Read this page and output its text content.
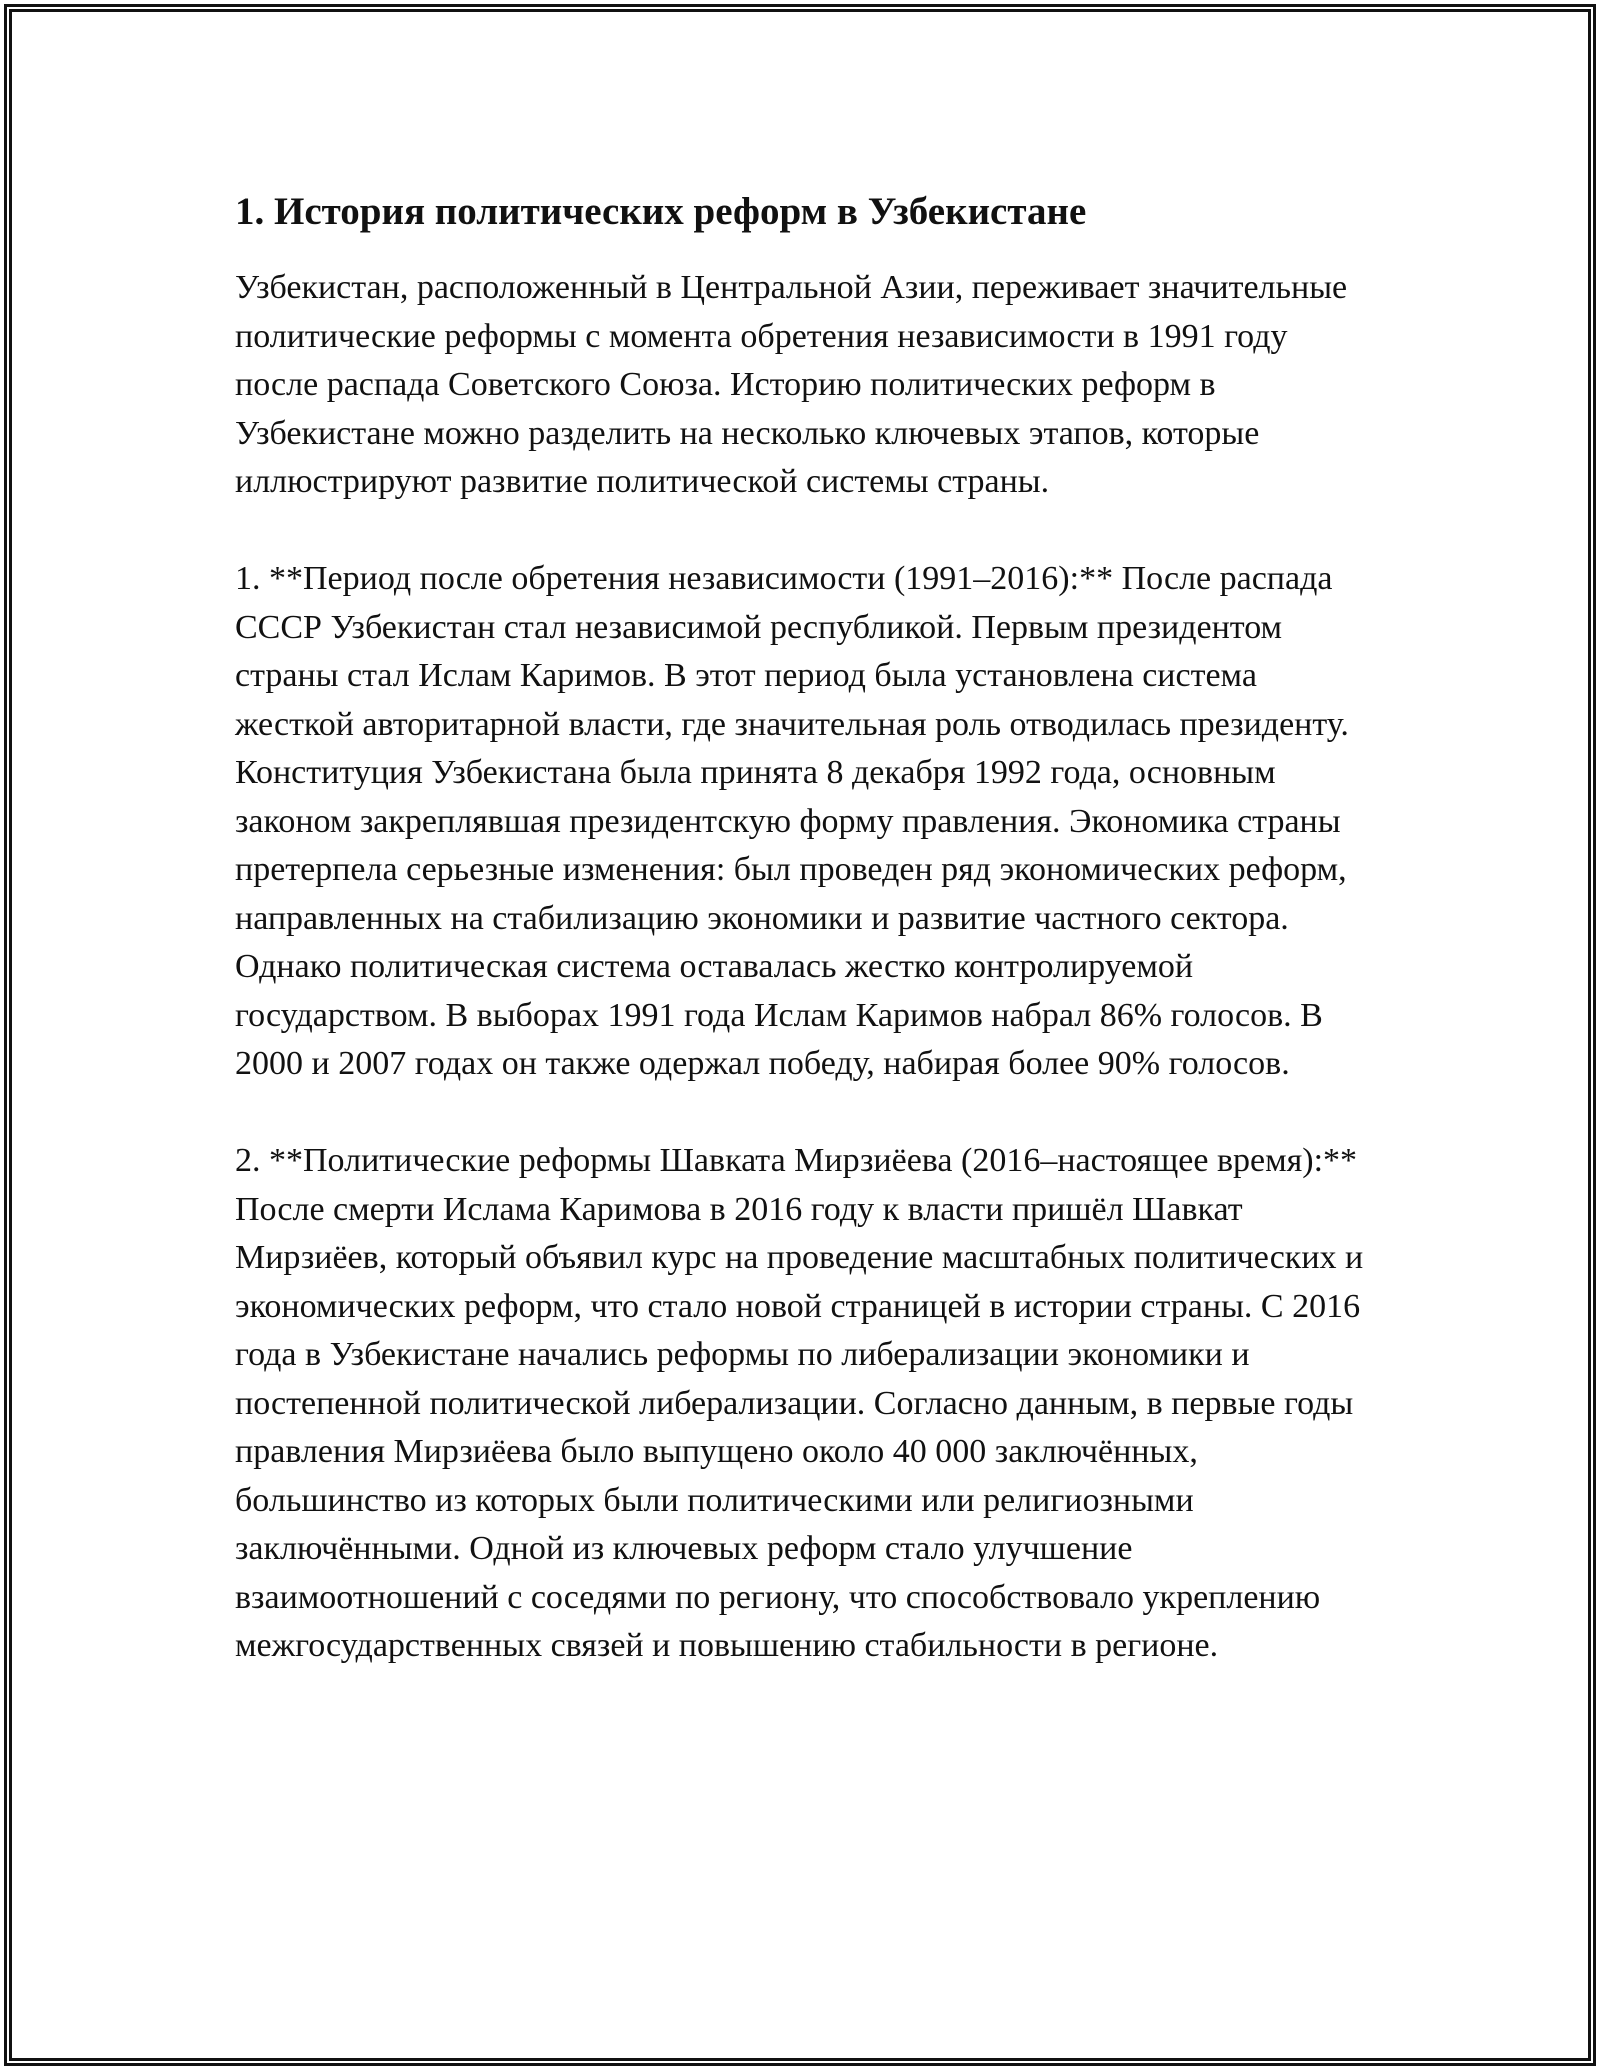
1. История политических реформ в Узбекистане

Узбекистан, расположенный в Центральной Азии, переживает значительные политические реформы с момента обретения независимости в 1991 году после распада Советского Союза. Историю политических реформ в Узбекистане можно разделить на несколько ключевых этапов, которые иллюстрируют развитие политической системы страны.

1. **Период после обретения независимости (1991–2016):** После распада СССР Узбекистан стал независимой республикой. Первым президентом страны стал Ислам Каримов. В этот период была установлена система жесткой авторитарной власти, где значительная роль отводилась президенту. Конституция Узбекистана была принята 8 декабря 1992 года, основным законом закреплявшая президентскую форму правления. Экономика страны претерпела серьезные изменения: был проведен ряд экономических реформ, направленных на стабилизацию экономики и развитие частного сектора. Однако политическая система оставалась жестко контролируемой государством. В выборах 1991 года Ислам Каримов набрал 86% голосов. В 2000 и 2007 годах он также одержал победу, набирая более 90% голосов.

2. **Политические реформы Шавката Мирзиёева (2016–настоящее время):** После смерти Ислама Каримова в 2016 году к власти пришёл Шавкат Мирзиёев, который объявил курс на проведение масштабных политических и экономических реформ, что стало новой страницей в истории страны. С 2016 года в Узбекистане начались реформы по либерализации экономики и постепенной политической либерализации. Согласно данным, в первые годы правления Мирзиёева было выпущено около 40 000 заключённых, большинство из которых были политическими или религиозными заключёнными. Одной из ключевых реформ стало улучшение взаимоотношений с соседями по региону, что способствовало укреплению межгосударственных связей и повышению стабильности в регионе.
